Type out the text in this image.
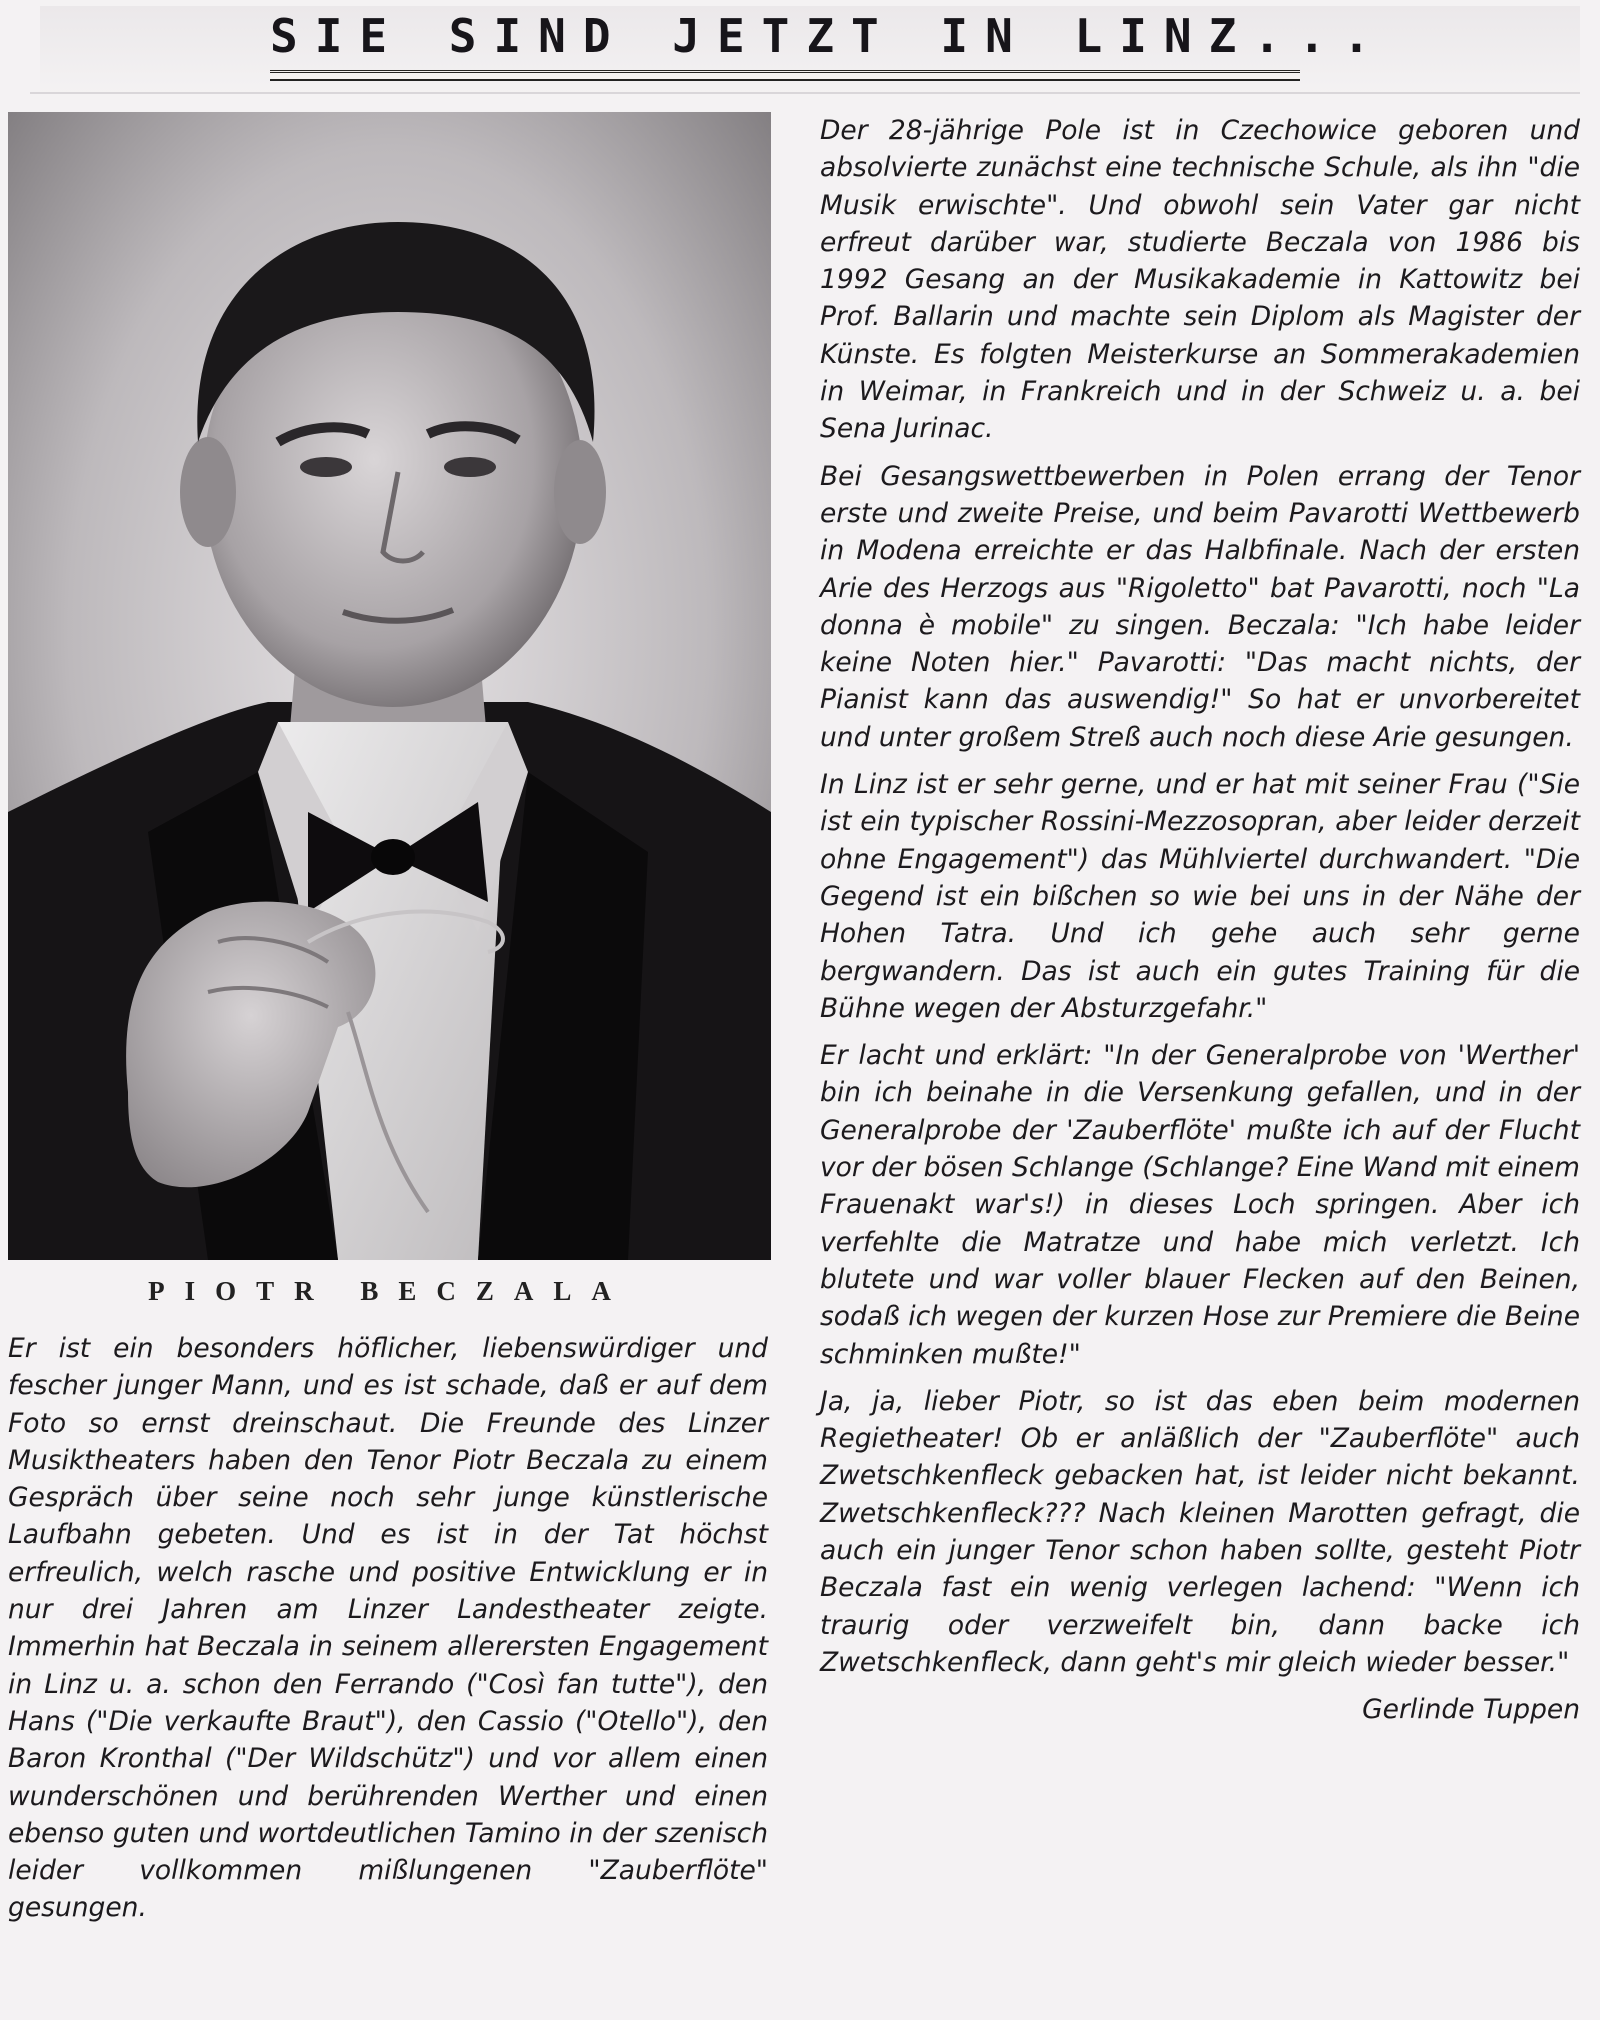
SIE SIND JETZT IN LINZ...
PIOTR BECZALA

Er ist ein besonders höflicher, liebenswürdiger und fescher junger Mann, und es ist schade, daß er auf dem Foto so ernst dreinschaut. Die Freunde des Linzer Musiktheaters haben den Tenor Piotr Beczala zu einem Gespräch über seine noch sehr junge künstlerische Laufbahn gebeten. Und es ist in der Tat höchst erfreulich, welch rasche und positive Entwicklung er in nur drei Jahren am Linzer Landestheater zeigte. Immerhin hat Beczala in seinem allerersten Engagement in Linz u. a. schon den Ferrando ("Così fan tutte"), den Hans ("Die verkaufte Braut"), den Cassio ("Otello"), den Baron Kronthal ("Der Wildschütz") und vor allem einen wunderschönen und berührenden Werther und einen ebenso guten und wortdeutlichen Tamino in der szenisch leider vollkommen mißlungenen "Zauberflöte" gesungen.

Der 28-jährige Pole ist in Czechowice geboren und absolvierte zunächst eine technische Schule, als ihn "die Musik erwischte". Und obwohl sein Vater gar nicht erfreut darüber war, studierte Beczala von 1986 bis 1992 Gesang an der Musikakademie in Kattowitz bei Prof. Ballarin und machte sein Diplom als Magister der Künste. Es folgten Meisterkurse an Sommerakademien in Weimar, in Frankreich und in der Schweiz u. a. bei Sena Jurinac.

Bei Gesangswettbewerben in Polen errang der Tenor erste und zweite Preise, und beim Pavarotti Wettbewerb in Modena erreichte er das Halbfinale. Nach der ersten Arie des Herzogs aus "Rigoletto" bat Pavarotti, noch "La donna è mobile" zu singen. Beczala: "Ich habe leider keine Noten hier." Pavarotti: "Das macht nichts, der Pianist kann das auswendig!" So hat er unvorbereitet und unter großem Streß auch noch diese Arie gesungen.

In Linz ist er sehr gerne, und er hat mit seiner Frau ("Sie ist ein typischer Rossini-Mezzosopran, aber leider derzeit ohne Engagement") das Mühlviertel durchwandert. "Die Gegend ist ein bißchen so wie bei uns in der Nähe der Hohen Tatra. Und ich gehe auch sehr gerne bergwandern. Das ist auch ein gutes Training für die Bühne wegen der Absturzgefahr."

Er lacht und erklärt: "In der Generalprobe von 'Werther' bin ich beinahe in die Versenkung gefallen, und in der Generalprobe der 'Zauberflöte' mußte ich auf der Flucht vor der bösen Schlange (Schlange? Eine Wand mit einem Frauenakt war's!) in dieses Loch springen. Aber ich verfehlte die Matratze und habe mich verletzt. Ich blutete und war voller blauer Flecken auf den Beinen, sodaß ich wegen der kurzen Hose zur Premiere die Beine schminken mußte!"

Ja, ja, lieber Piotr, so ist das eben beim modernen Regietheater! Ob er anläßlich der "Zauberflöte" auch Zwetschkenfleck gebacken hat, ist leider nicht bekannt. Zwetschkenfleck??? Nach kleinen Marotten gefragt, die auch ein junger Tenor schon haben sollte, gesteht Piotr Beczala fast ein wenig verlegen lachend: "Wenn ich traurig oder verzweifelt bin, dann backe ich Zwetschkenfleck, dann geht's mir gleich wieder besser."

Gerlinde Tuppen
